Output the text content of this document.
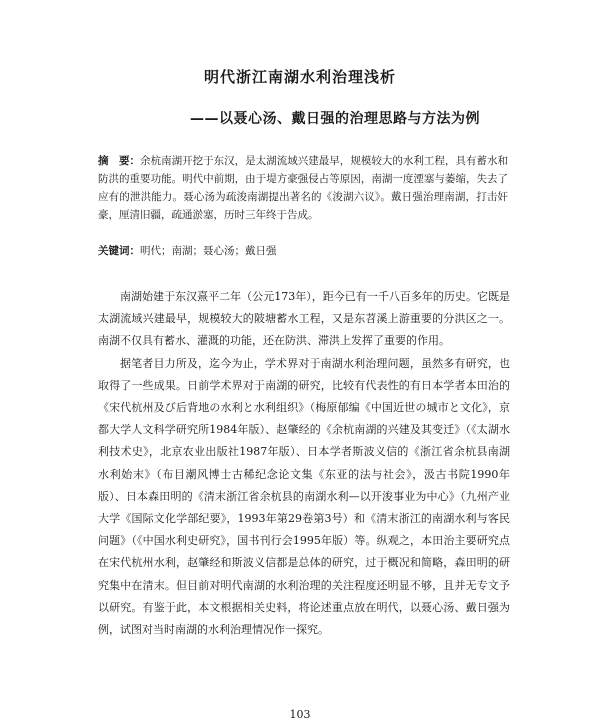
明代浙江南湖水利治理浅析
——以聂心汤、戴日强的治理思路与方法为例
摘　要：余杭南湖开挖于东汉，是太湖流域兴建最早，规模较大的水利工程，具有蓄水和防洪的重要功能。明代中前期，由于堤方豪强侵占等原因，南湖一度湮塞与萎缩，失去了应有的泄洪能力。聂心汤为疏浚南湖提出著名的《浚湖六议》。戴日强治理南湖，打击奸豪，厘清旧疆，疏通淤塞，历时三年终于告成。
关键词：明代；南湖；聂心汤；戴日强

南湖始建于东汉熹平二年（公元173年），距今已有一千八百多年的历史。它既是太湖流域兴建最早，规模较大的陂塘蓄水工程，又是东苕溪上游重要的分洪区之一。南湖不仅具有蓄水、灌溉的功能，还在防洪、滞洪上发挥了重要的作用。

据笔者目力所及，迄今为止，学术界对于南湖水利治理问题，虽然多有研究，也取得了一些成果。日前学术界对于南湖的研究，比较有代表性的有日本学者本田治的《宋代杭州及び后背地の水利と水利组织》（梅原郁编《中国近世の城市と文化》，京都大学人文科学研究所1984年版）、赵肇经的《余杭南湖的兴建及其变迁》（《太湖水利技术史》，北京农业出版社1987年版）、日本学者斯波义信的《浙江省余杭县南湖水利始末》（布目潮风博士古稀纪念论文集《东亚的法与社会》，汲古书院1990年版）、日本森田明的《清末浙江省余杭县的南湖水利—以开浚事业为中心》（九州产业大学《国际文化学部纪要》，1993年第29卷第3号）和《清末浙江的南湖水利与客民问题》（《中国水利史研究》，国书刊行会1995年版）等。纵观之，本田治主要研究点在宋代杭州水利，赵肇经和斯波义信都是总体的研究，过于概况和简略，森田明的研究集中在清末。但目前对明代南湖的水利治理的关注程度还明显不够，且并无专文予以研究。有鉴于此，本文根据相关史料，将论述重点放在明代，以聂心汤、戴日强为例，试图对当时南湖的水利治理情况作一探究。

103
